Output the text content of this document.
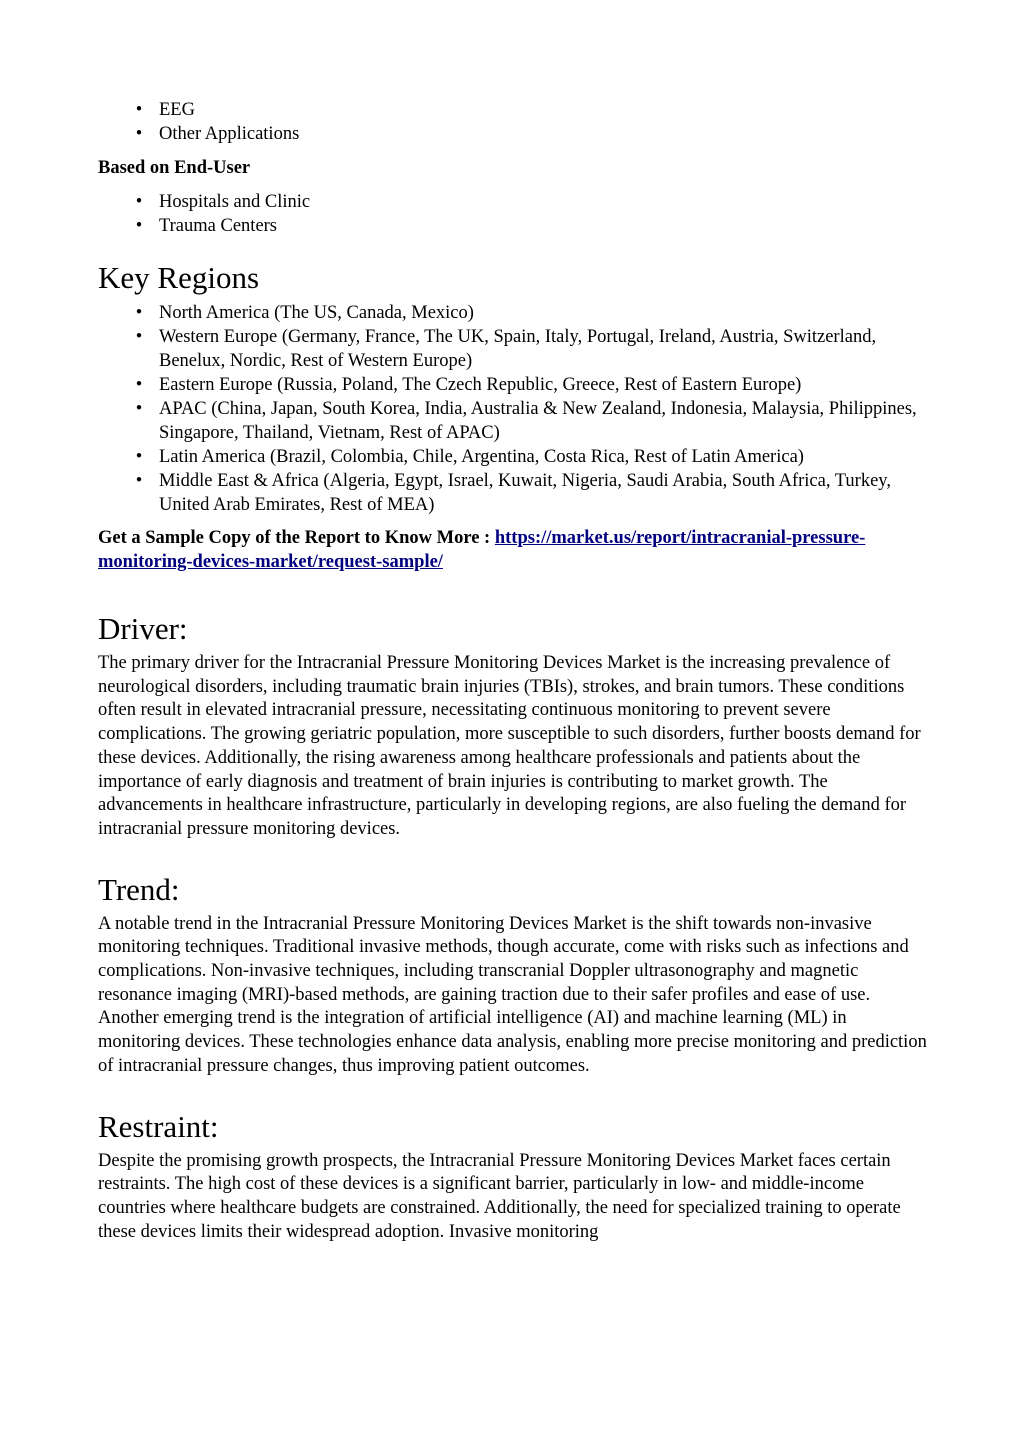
• EEG
• Other Applications
Based on End-User
• Hospitals and Clinic
• Trauma Centers
Key Regions
• North America (The US, Canada, Mexico)
• Western Europe (Germany, France, The UK, Spain, Italy, Portugal, Ireland, Austria, Switzerland, Benelux, Nordic, Rest of Western Europe)
• Eastern Europe (Russia, Poland, The Czech Republic, Greece, Rest of Eastern Europe)
• APAC (China, Japan, South Korea, India, Australia & New Zealand, Indonesia, Malaysia, Philippines, Singapore, Thailand, Vietnam, Rest of APAC)
• Latin America (Brazil, Colombia, Chile, Argentina, Costa Rica, Rest of Latin America)
• Middle East & Africa (Algeria, Egypt, Israel, Kuwait, Nigeria, Saudi Arabia, South Africa, Turkey, United Arab Emirates, Rest of MEA)

Get a Sample Copy of the Report to Know More : https://market.us/report/intracranial-pressure-monitoring-devices-market/request-sample/

Driver:

The primary driver for the Intracranial Pressure Monitoring Devices Market is the increasing prevalence of neurological disorders, including traumatic brain injuries (TBIs), strokes, and brain tumors. These conditions often result in elevated intracranial pressure, necessitating continuous monitoring to prevent severe complications. The growing geriatric population, more susceptible to such disorders, further boosts demand for these devices. Additionally, the rising awareness among healthcare professionals and patients about the importance of early diagnosis and treatment of brain injuries is contributing to market growth. The advancements in healthcare infrastructure, particularly in developing regions, are also fueling the demand for intracranial pressure monitoring devices.

Trend:

A notable trend in the Intracranial Pressure Monitoring Devices Market is the shift towards non-invasive monitoring techniques. Traditional invasive methods, though accurate, come with risks such as infections and complications. Non-invasive techniques, including transcranial Doppler ultrasonography and magnetic resonance imaging (MRI)-based methods, are gaining traction due to their safer profiles and ease of use. Another emerging trend is the integration of artificial intelligence (AI) and machine learning (ML) in monitoring devices. These technologies enhance data analysis, enabling more precise monitoring and prediction of intracranial pressure changes, thus improving patient outcomes.

Restraint:

Despite the promising growth prospects, the Intracranial Pressure Monitoring Devices Market faces certain restraints. The high cost of these devices is a significant barrier, particularly in low- and middle-income countries where healthcare budgets are constrained. Additionally, the need for specialized training to operate these devices limits their widespread adoption. Invasive monitoring
